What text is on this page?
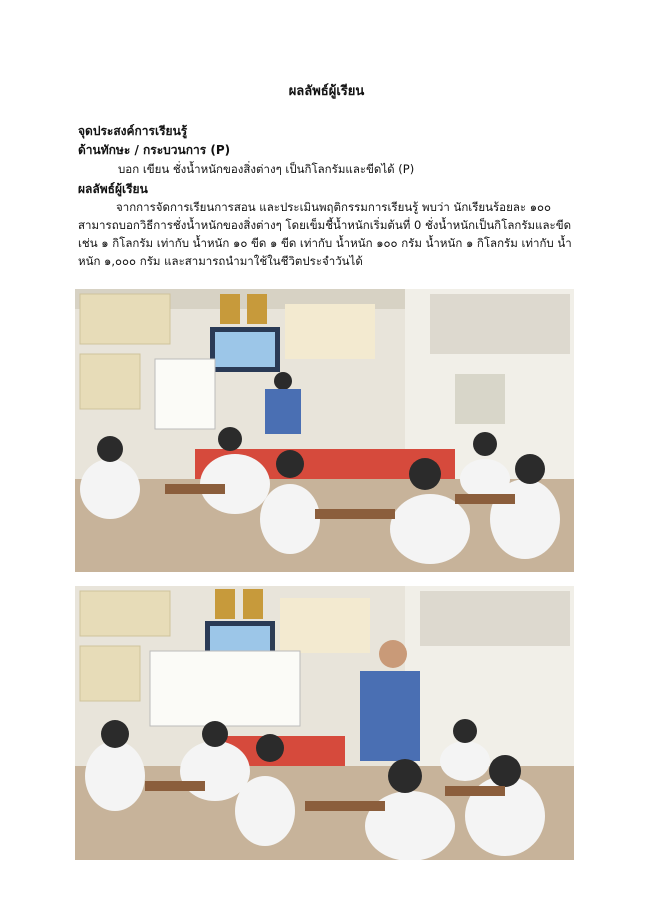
ผลลัพธ์ผู้เรียน
จุดประสงค์การเรียนรู้
ด้านทักษะ / กระบวนการ (P)
บอก เขียน ชั่งน้ำหนักของสิ่งต่างๆ เป็นกิโลกรัมและขีดได้ (P)
ผลลัพธ์ผู้เรียน
จากการจัดการเรียนการสอน และประเมินพฤติกรรมการเรียนรู้ พบว่า นักเรียนร้อยละ ๑๐๐ สามารถบอกวิธีการชั่งน้ำหนักของสิ่งต่างๆ โดยเข็มชี้น้ำหนักเริ่มต้นที่ 0 ชั่งน้ำหนักเป็นกิโลกรัมและขีด เช่น ๑ กิโลกรัม เท่ากับ น้ำหนัก ๑๐ ขีด ๑ ขีด เท่ากับ น้ำหนัก ๑๐๐ กรัม น้ำหนัก ๑ กิโลกรัม เท่ากับ น้ำหนัก ๑,๐๐๐ กรัม และสามารถนำมาใช้ในชีวิตประจำวันได้
